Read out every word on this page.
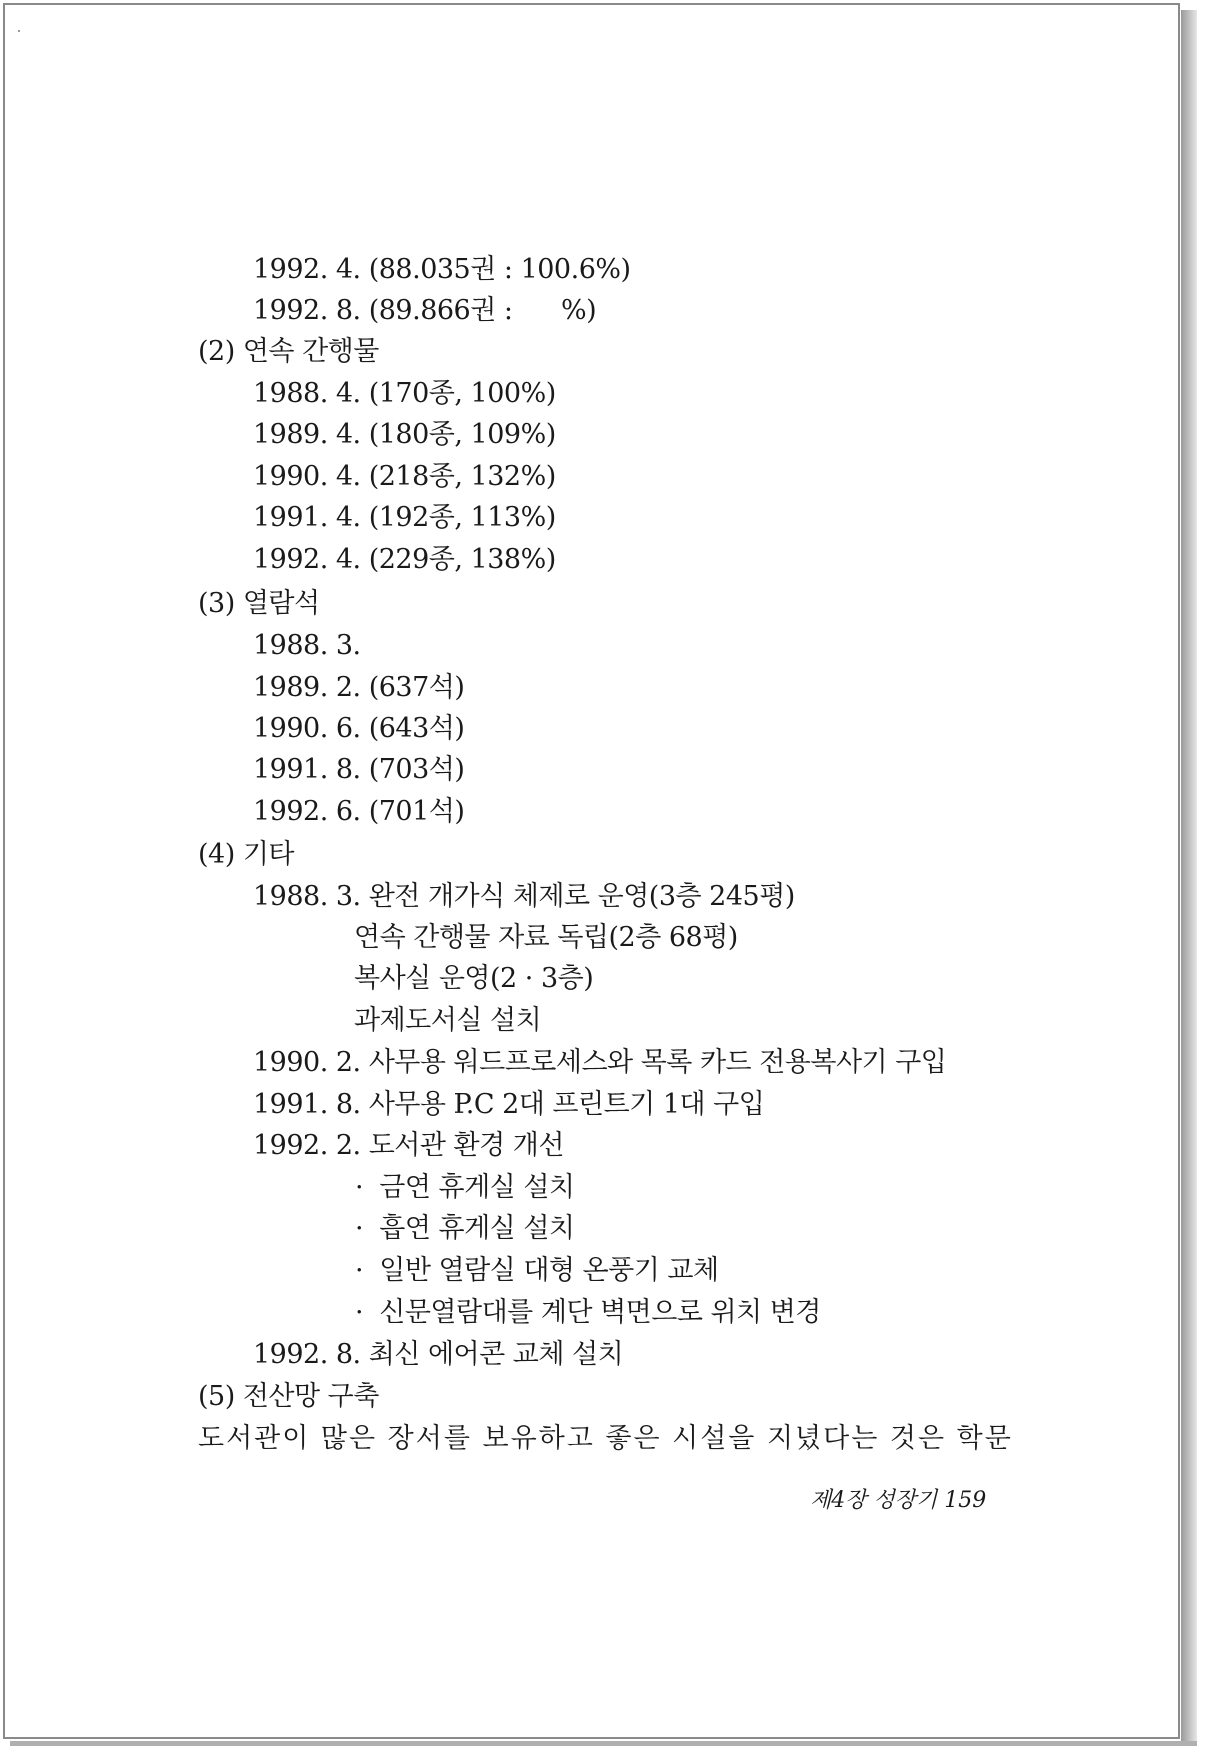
1992. 4. (88.035권 : 100.6%)
1992. 8. (89.866권 :      %)
(2) 연속 간행물
1988. 4. (170종, 100%)
1989. 4. (180종, 109%)
1990. 4. (218종, 132%)
1991. 4. (192종, 113%)
1992. 4. (229종, 138%)
(3) 열람석
1988. 3.
1989. 2. (637석)
1990. 6. (643석)
1991. 8. (703석)
1992. 6. (701석)
(4) 기타
1988. 3. 완전 개가식 체제로 운영(3층 245평)
연속 간행물 자료 독립(2층 68평)
복사실 운영(2 · 3층)
과제도서실 설치
1990. 2. 사무용 워드프로세스와 목록 카드 전용복사기 구입
1991. 8. 사무용 P.C 2대 프린트기 1대 구입
1992. 2. 도서관 환경 개선
·  금연 휴게실 설치
·  흡연 휴게실 설치
·  일반 열람실 대형 온풍기 교체
·  신문열람대를 계단 벽면으로 위치 변경
1992. 8. 최신 에어콘 교체 설치
(5) 전산망 구축
도서관이 많은 장서를 보유하고 좋은 시설을 지녔다는 것은 학문
제4장 성장기 159
